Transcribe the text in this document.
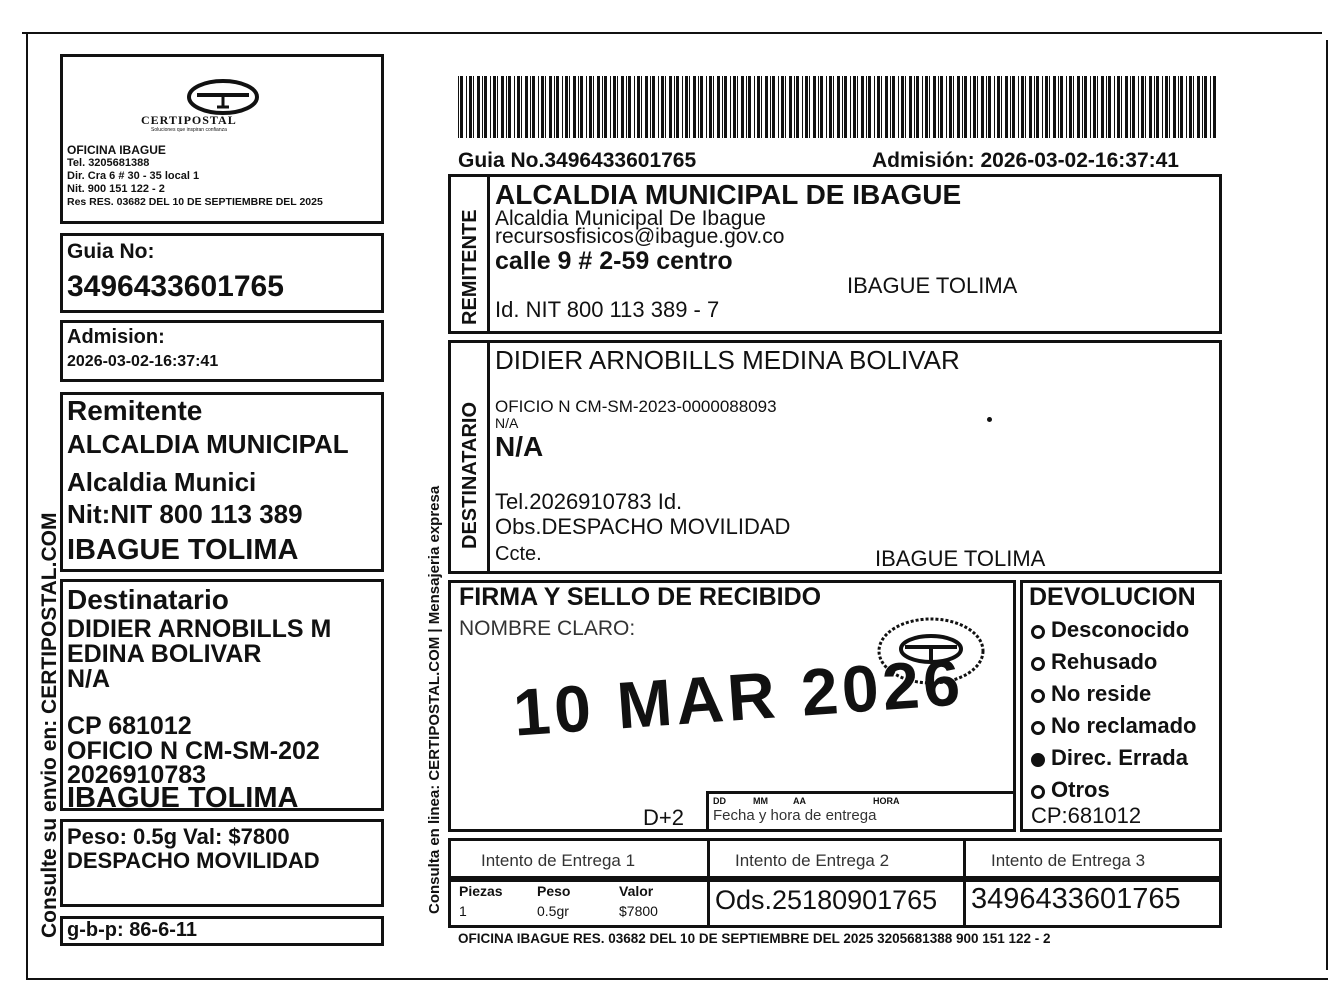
CERTIPOSTAL
Soluciones que inspiran confianza
OFICINA IBAGUE
Tel. 3205681388
Dir. Cra 6 # 30 - 35 local 1
Nit. 900 151 122 - 2
Res RES. 03682 DEL 10 DE SEPTIEMBRE DEL 2025
Guia No:
3496433601765
Admision:
2026-03-02-16:37:41
Remitente
ALCALDIA MUNICIPAL
Alcaldia Munici
Nit:NIT 800 113 389
IBAGUE TOLIMA
Destinatario
DIDIER ARNOBILLS M
EDINA BOLIVAR
N/A
CP 681012
OFICIO N CM-SM-202
2026910783
IBAGUE TOLIMA
Peso: 0.5g Val: $7800
DESPACHO MOVILIDAD
g-b-p: 86-6-11
Consulte su envio en: CERTIPOSTAL.COM	Consulta en linea: CERTIPOSTAL.COM | Mensajeria expresa
Guia No.3496433601765	Admisión: 2026-03-02-16:37:41
REMITENTE
ALCALDIA MUNICIPAL DE IBAGUE
Alcaldia Municipal De Ibague
recursosfisicos@ibague.gov.co
calle 9 # 2-59 centro
IBAGUE TOLIMA
Id. NIT 800 113 389 - 7
DESTINATARIO
DIDIER ARNOBILLS MEDINA BOLIVAR
OFICIO N CM-SM-2023-0000088093
N/A
N/A
Tel.2026910783 Id.
Obs.DESPACHO MOVILIDAD
Ccte.	IBAGUE TOLIMA
FIRMA Y SELLO DE RECIBIDO
NOMBRE CLARO:
10 MAR 2026
D+2
DD	MM	AA	HORA
Fecha y hora de entrega
DEVOLUCION
Desconocido
Rehusado
No reside
No reclamado
Direc. Errada
Otros
CP:681012
Intento de Entrega 1	Intento de Entrega 2	Intento de Entrega 3
Piezas Peso	Valor
1	0.5gr	$7800 Ods.25180901765 3496433601765
OFICINA IBAGUE RES. 03682 DEL 10 DE SEPTIEMBRE DEL 2025 3205681388 900 151 122 - 2
